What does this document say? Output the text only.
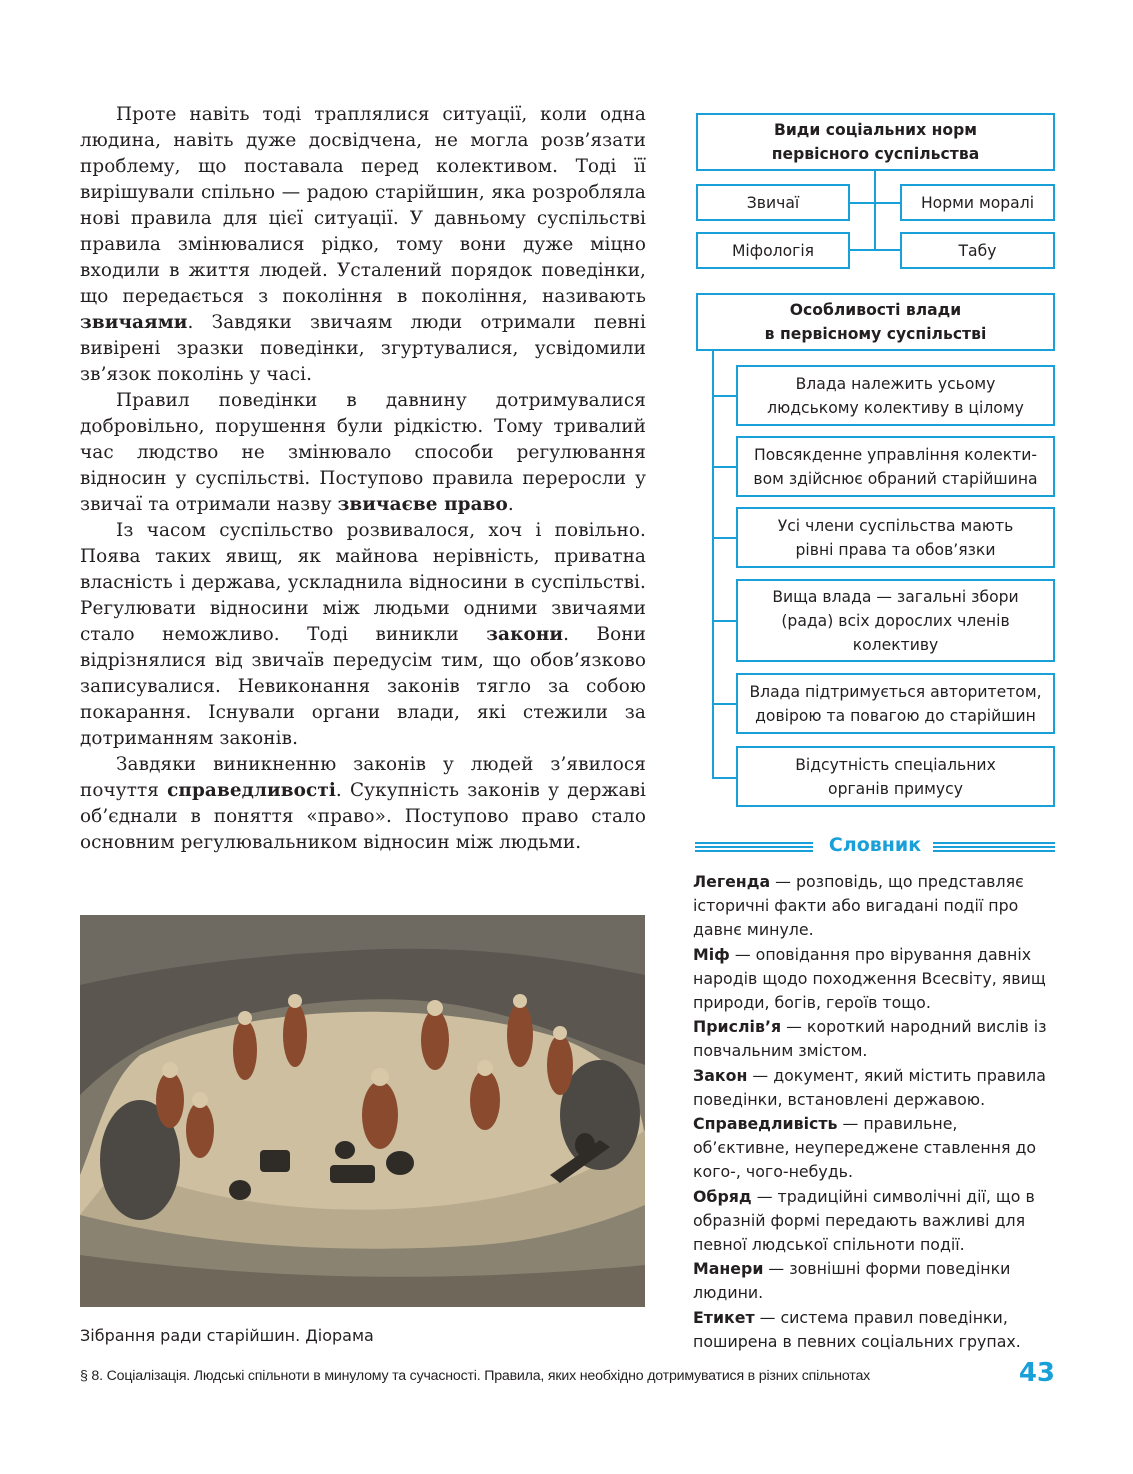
Проте навіть тоді траплялися ситуації, коли одна людина, навіть дуже досвідчена, не могла розв’язати проблему, що поставала перед колективом. Тоді її вирішували спільно — радою старійшин, яка розробляла нові правила для цієї ситуації. У давньому суспільстві правила змінювалися рідко, тому вони дуже міцно входили в життя людей. Усталений порядок поведінки, що передається з покоління в покоління, називають звичаями. Завдяки звичаям люди отримали певні вивірені зразки поведінки, згуртувалися, усвідомили зв’язок поколінь у часі.

Правил поведінки в давнину дотримувалися добровільно, порушення були рідкістю. Тому тривалий час людство не змінювало способи регулювання відносин у суспільстві. Поступово правила переросли у звичаї та отримали назву звичаєве право.

Із часом суспільство розвивалося, хоч і повільно. Поява таких явищ, як майнова нерівність, приватна власність і держава, ускладнила відносини в суспільстві. Регулювати відносини між людьми одними звичаями стало неможливо. Тоді виникли закони. Вони відрізнялися від звичаїв передусім тим, що обов’язково записувалися. Невиконання законів тягло за собою покарання. Існували органи влади, які стежили за дотриманням законів.

Завдяки виникненню законів у людей з’явилося почуття справедливості. Сукупність законів у державі об’єднали в поняття «право». Поступово право стало основним регулювальником відносин між людьми.

Зібрання ради старійшин. Діорама
Види соціальних норм
первісного суспільства
Звичаї	Норми моралі
Міфологія	Табу
Особливості влади
в первісному суспільстві
Влада належить усьому
людському колективу в цілому
Повсякденне управління колекти-
вом здійснює обраний старійшина
Усі члени суспільства мають
рівні права та обов’язки
Вища влада — загальні збори
(рада) всіх дорослих членів
колективу
Влада підтримується авторитетом,
довірою та повагою до старійшин
Відсутність спеціальних
органів примусу
Словник

Легенда — розповідь, що представляє історичні факти або вигадані події про давнє минуле.

Міф — оповідання про вірування давніх народів щодо походження Всесвіту, явищ природи, богів, героїв тощо.

Прислів’я — короткий народний вислів із повчальним змістом.

Закон — документ, який містить правила поведінки, встановлені державою.

Справедливість — правильне, об’єктивне, неупереджене ставлення до кого-, чого-небудь.

Обряд — традиційні символічні дії, що в образній формі передають важливі для певної людської спільноти події.

Манери — зовнішні форми поведінки людини.

Етикет — система правил поведінки, поширена в певних соціальних групах.

§ 8. Соціалізація. Людські спільноти в минулому та сучасності. Правила, яких необхідно дотримуватися в різних спільнотах	43
